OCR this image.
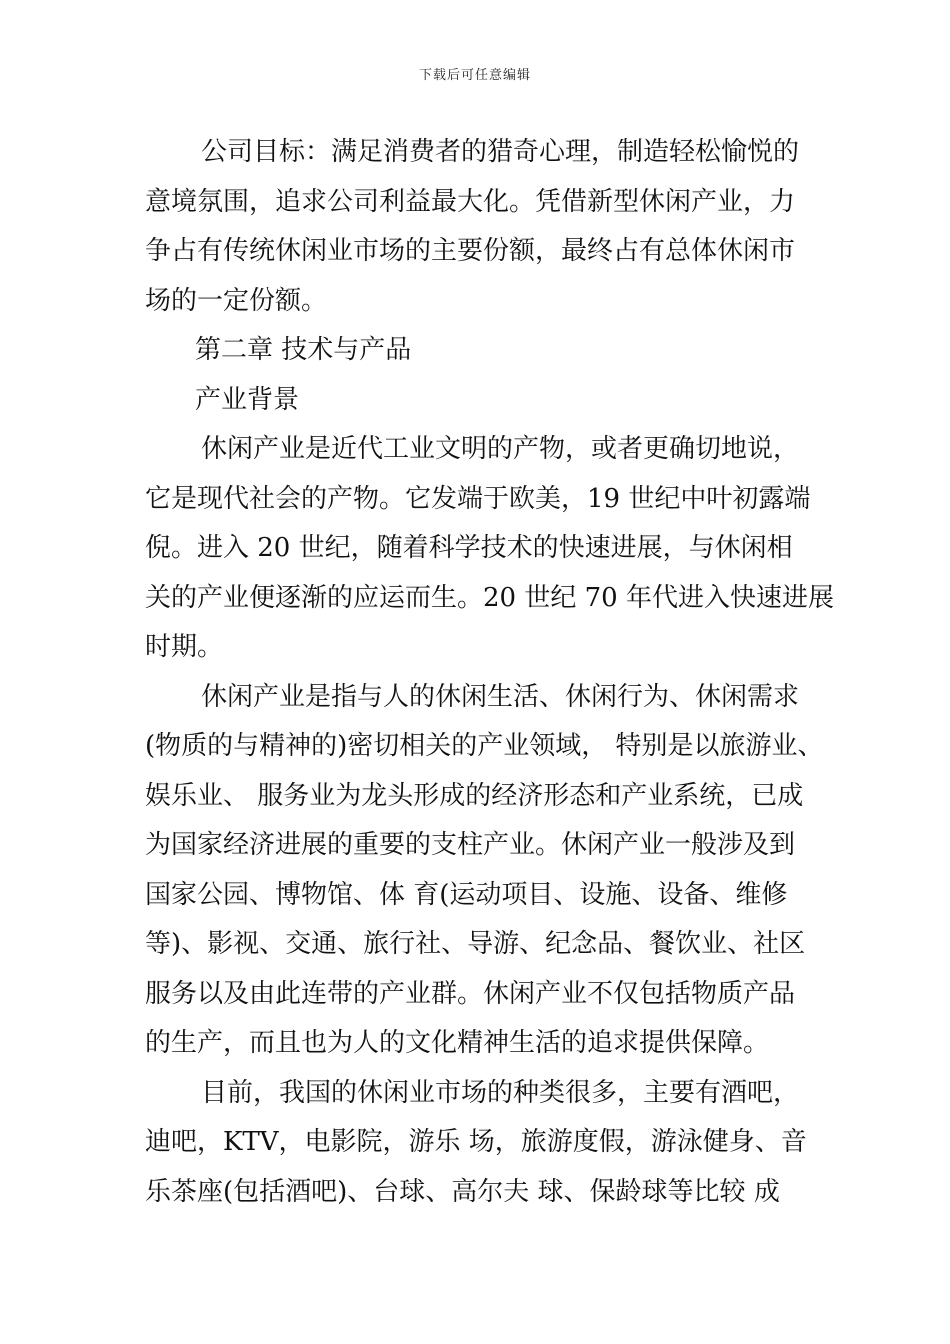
下载后可任意编辑
公司目标：满足消费者的猎奇心理，制造轻松愉悦的
意境氛围，追求公司利益最大化。凭借新型休闲产业，力
争占有传统休闲业市场的主要份额，最终占有总体休闲市
场的一定份额。
第二章 技术与产品
产业背景
休闲产业是近代工业文明的产物，或者更确切地说，
它是现代社会的产物。它发端于欧美，19 世纪中叶初露端
倪。进入 20 世纪，随着科学技术的快速进展，与休闲相
关的产业便逐渐的应运而生。20 世纪 70 年代进入快速进展
时期。
休闲产业是指与人的休闲生活、休闲行为、休闲需求
(物质的与精神的)密切相关的产业领域， 特别是以旅游业、
娱乐业、 服务业为龙头形成的经济形态和产业系统，已成
为国家经济进展的重要的支柱产业。休闲产业一般涉及到
国家公园、博物馆、体 育(运动项目、设施、设备、维修
等)、影视、交通、旅行社、导游、纪念品、餐饮业、社区
服务以及由此连带的产业群。休闲产业不仅包括物质产品
的生产，而且也为人的文化精神生活的追求提供保障。
目前，我国的休闲业市场的种类很多，主要有酒吧，
迪吧，KTV，电影院，游乐 场，旅游度假，游泳健身、音
乐茶座(包括酒吧)、台球、高尔夫 球、保龄球等比较 成
